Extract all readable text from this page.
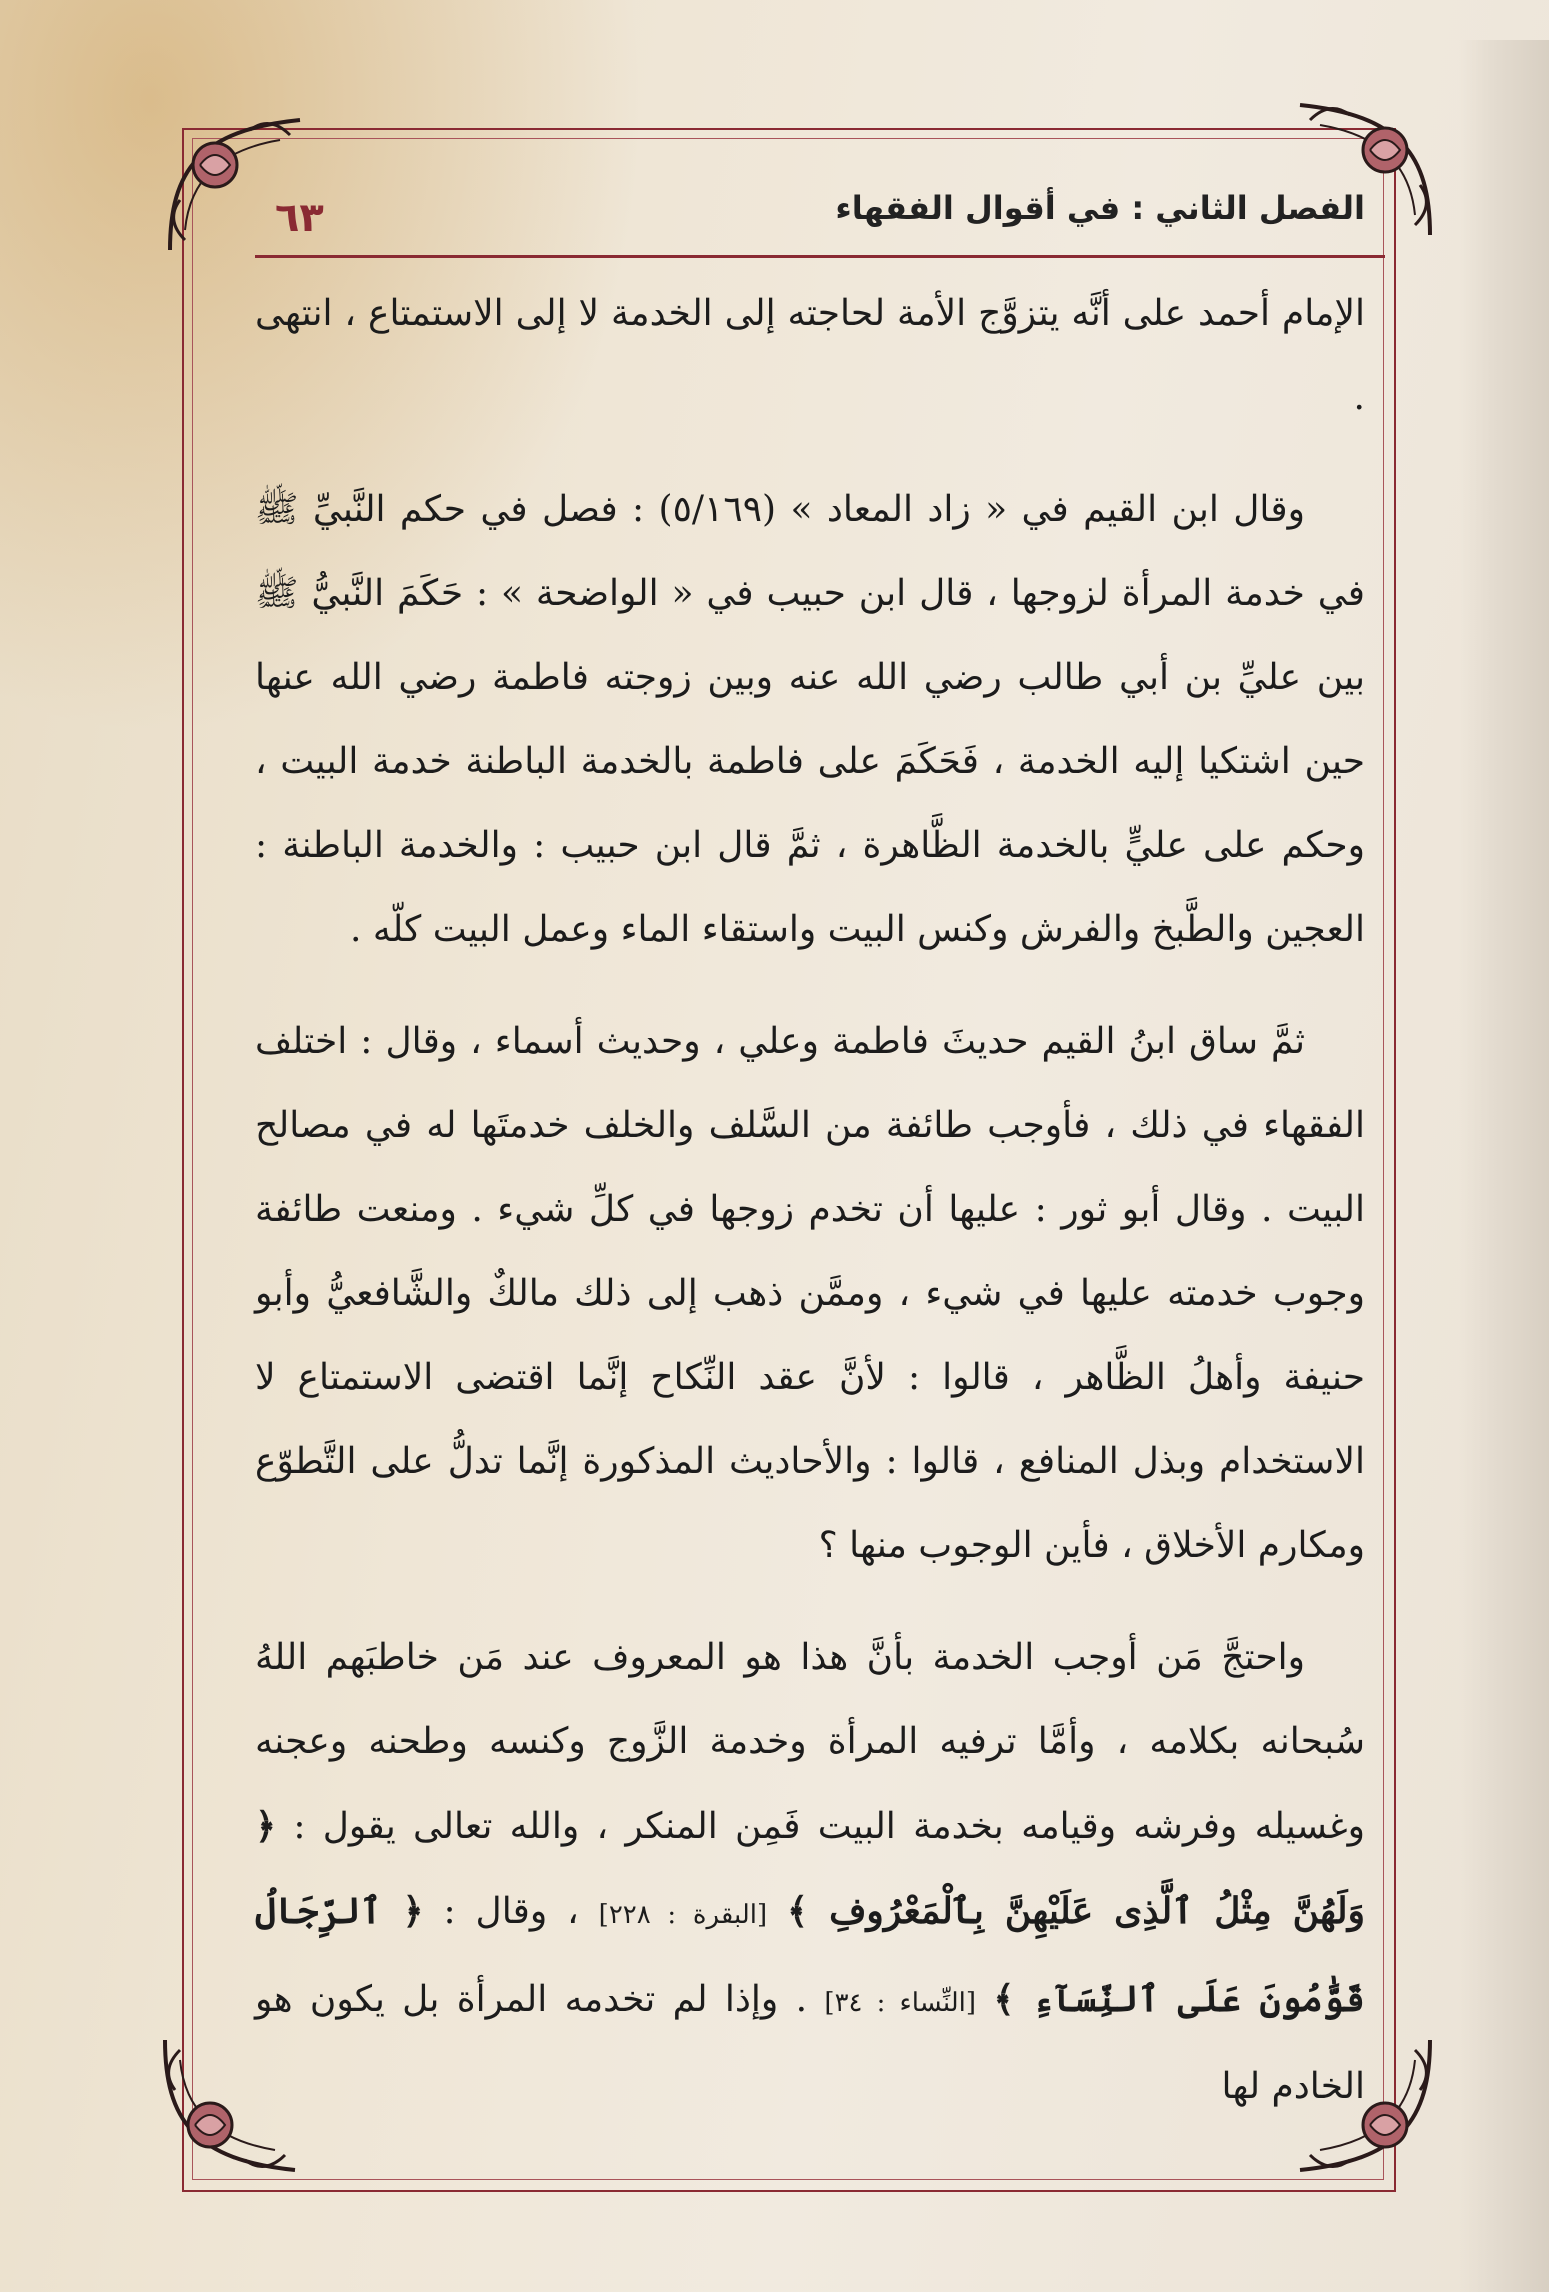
الفصل الثاني : في أقوال الفقهاء
٦٣

الإمام أحمد على أنَّه يتزوَّج الأمة لحاجته إلى الخدمة لا إلى الاستمتاع ، انتهى .

وقال ابن القيم في « زاد المعاد » (٥/١٦٩) : فصل في حكم النَّبيِّ ﷺ في خدمة المرأة لزوجها ، قال ابن حبيب في « الواضحة » : حَكَمَ النَّبيُّ ﷺ بين عليِّ بن أبي طالب رضي الله عنه وبين زوجته فاطمة رضي الله عنها حين اشتكيا إليه الخدمة ، فَحَكَمَ على فاطمة بالخدمة الباطنة خدمة البيت ، وحكم على عليٍّ بالخدمة الظَّاهرة ، ثمَّ قال ابن حبيب : والخدمة الباطنة : العجين والطَّبخ والفرش وكنس البيت واستقاء الماء وعمل البيت كلّه .

ثمَّ ساق ابنُ القيم حديثَ فاطمة وعلي ، وحديث أسماء ، وقال : اختلف الفقهاء في ذلك ، فأوجب طائفة من السَّلف والخلف خدمتَها له في مصالح البيت . وقال أبو ثور : عليها أن تخدم زوجها في كلِّ شيء . ومنعت طائفة وجوب خدمته عليها في شيء ، وممَّن ذهب إلى ذلك مالكٌ والشَّافعيُّ وأبو حنيفة وأهلُ الظَّاهر ، قالوا : لأنَّ عقد النِّكاح إنَّما اقتضى الاستمتاع لا الاستخدام وبذل المنافع ، قالوا : والأحاديث المذكورة إنَّما تدلُّ على التَّطوّع ومكارم الأخلاق ، فأين الوجوب منها ؟

واحتجَّ مَن أوجب الخدمة بأنَّ هذا هو المعروف عند مَن خاطبَهم اللهُ سُبحانه بكلامه ، وأمَّا ترفيه المرأة وخدمة الزَّوج وكنسه وطحنه وعجنه وغسيله وفرشه وقيامه بخدمة البيت فَمِن المنكر ، والله تعالى يقول : ﴿ وَلَهُنَّ مِثْلُ ٱلَّذِى عَلَيْهِنَّ بِٱلْمَعْرُوفِ ﴾ [البقرة : ٢٢٨] ، وقال : ﴿ ٱلرِّجَالُ قَوَّٰمُونَ عَلَى ٱلنِّسَآءِ ﴾ [النِّساء : ٣٤] . وإذا لم تخدمه المرأة بل يكون هو الخادم لها
